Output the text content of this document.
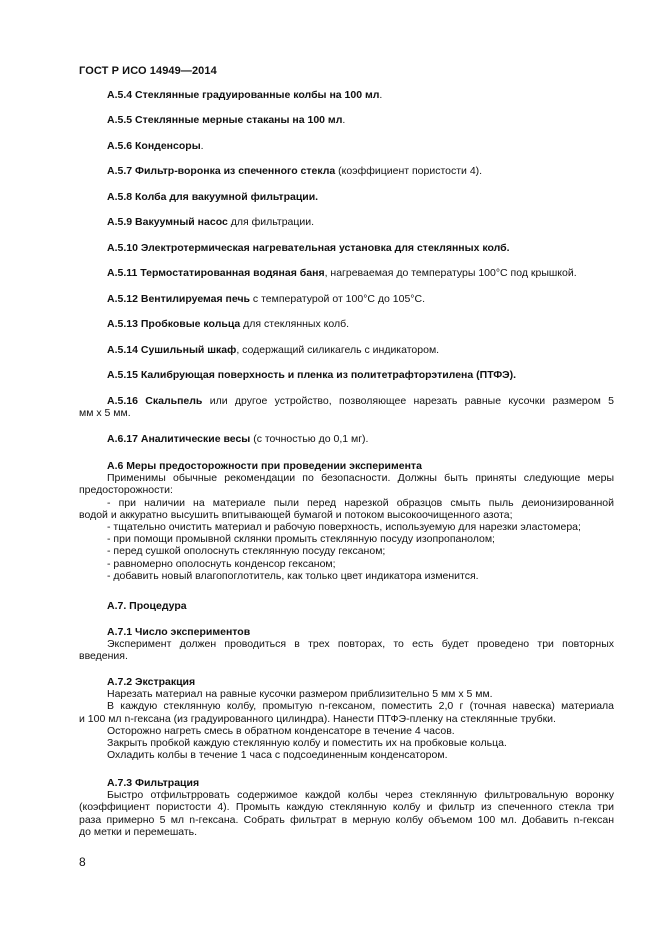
ГОСТ Р ИСО 14949—2014
А.5.4 Стеклянные градуированные колбы на 100 мл.
А.5.5 Стеклянные мерные стаканы на 100 мл.
А.5.6 Конденсоры.
А.5.7 Фильтр-воронка из спеченного стекла (коэффициент пористости 4).
А.5.8 Колба для вакуумной фильтрации.
А.5.9 Вакуумный насос для фильтрации.
А.5.10 Электротермическая нагревательная установка для стеклянных колб.
А.5.11 Термостатированная водяная баня, нагреваемая до температуры 100°С под крышкой.
А.5.12 Вентилируемая печь с температурой от 100°С до 105°С.
А.5.13 Пробковые кольца для стеклянных колб.
А.5.14 Сушильный шкаф, содержащий силикагель с индикатором.
А.5.15 Калибрующая поверхность и пленка из политетрафторэтилена (ПТФЭ).
А.5.16 Скальпель или другое устройство, позволяющее нарезать равные кусочки размером 5
мм х 5 мм.
А.6.17 Аналитические весы (с точностью до 0,1 мг).
А.6 Меры предосторожности при проведении эксперимента
Применимы обычные рекомендации по безопасности. Должны быть приняты следующие меры
предосторожности:
- при наличии на материале пыли перед нарезкой образцов смыть пыль деионизированной
водой и аккуратно высушить впитывающей бумагой и потоком высокоочищенного азота;
- тщательно очистить материал и рабочую поверхность, используемую для нарезки эластомера;
- при помощи промывной склянки промыть стеклянную посуду изопропанолом;
- перед сушкой ополоснуть стеклянную посуду гексаном;
- равномерно ополоснуть конденсор гексаном;
- добавить новый влагопоглотитель, как только цвет индикатора изменится.
А.7. Процедура
А.7.1 Число экспериментов
Эксперимент должен проводиться в трех повторах, то есть будет проведено три повторных
введения.
А.7.2 Экстракция
Нарезать материал на равные кусочки размером приблизительно 5 мм х 5 мм.
В каждую стеклянную колбу, промытую n-гексаном, поместить 2,0 г (точная навеска) материала
и 100 мл n-гексана (из градуированного цилиндра). Нанести ПТФЭ-пленку на стеклянные трубки.
Осторожно нагреть смесь в обратном конденсаторе в течение 4 часов.
Закрыть пробкой каждую стеклянную колбу и поместить их на пробковые кольца.
Охладить колбы в течение 1 часа с подсоединенным конденсатором.
А.7.3 Фильтрация
Быстро отфильтрровать содержимое каждой колбы через стеклянную фильтровальную воронку
(коэффициент пористости 4). Промыть каждую стеклянную колбу и фильтр из спеченного стекла три
раза примерно 5 мл n-гексана. Собрать фильтрат в мерную колбу объемом 100 мл. Добавить n-гексан
до метки и перемешать.
8
